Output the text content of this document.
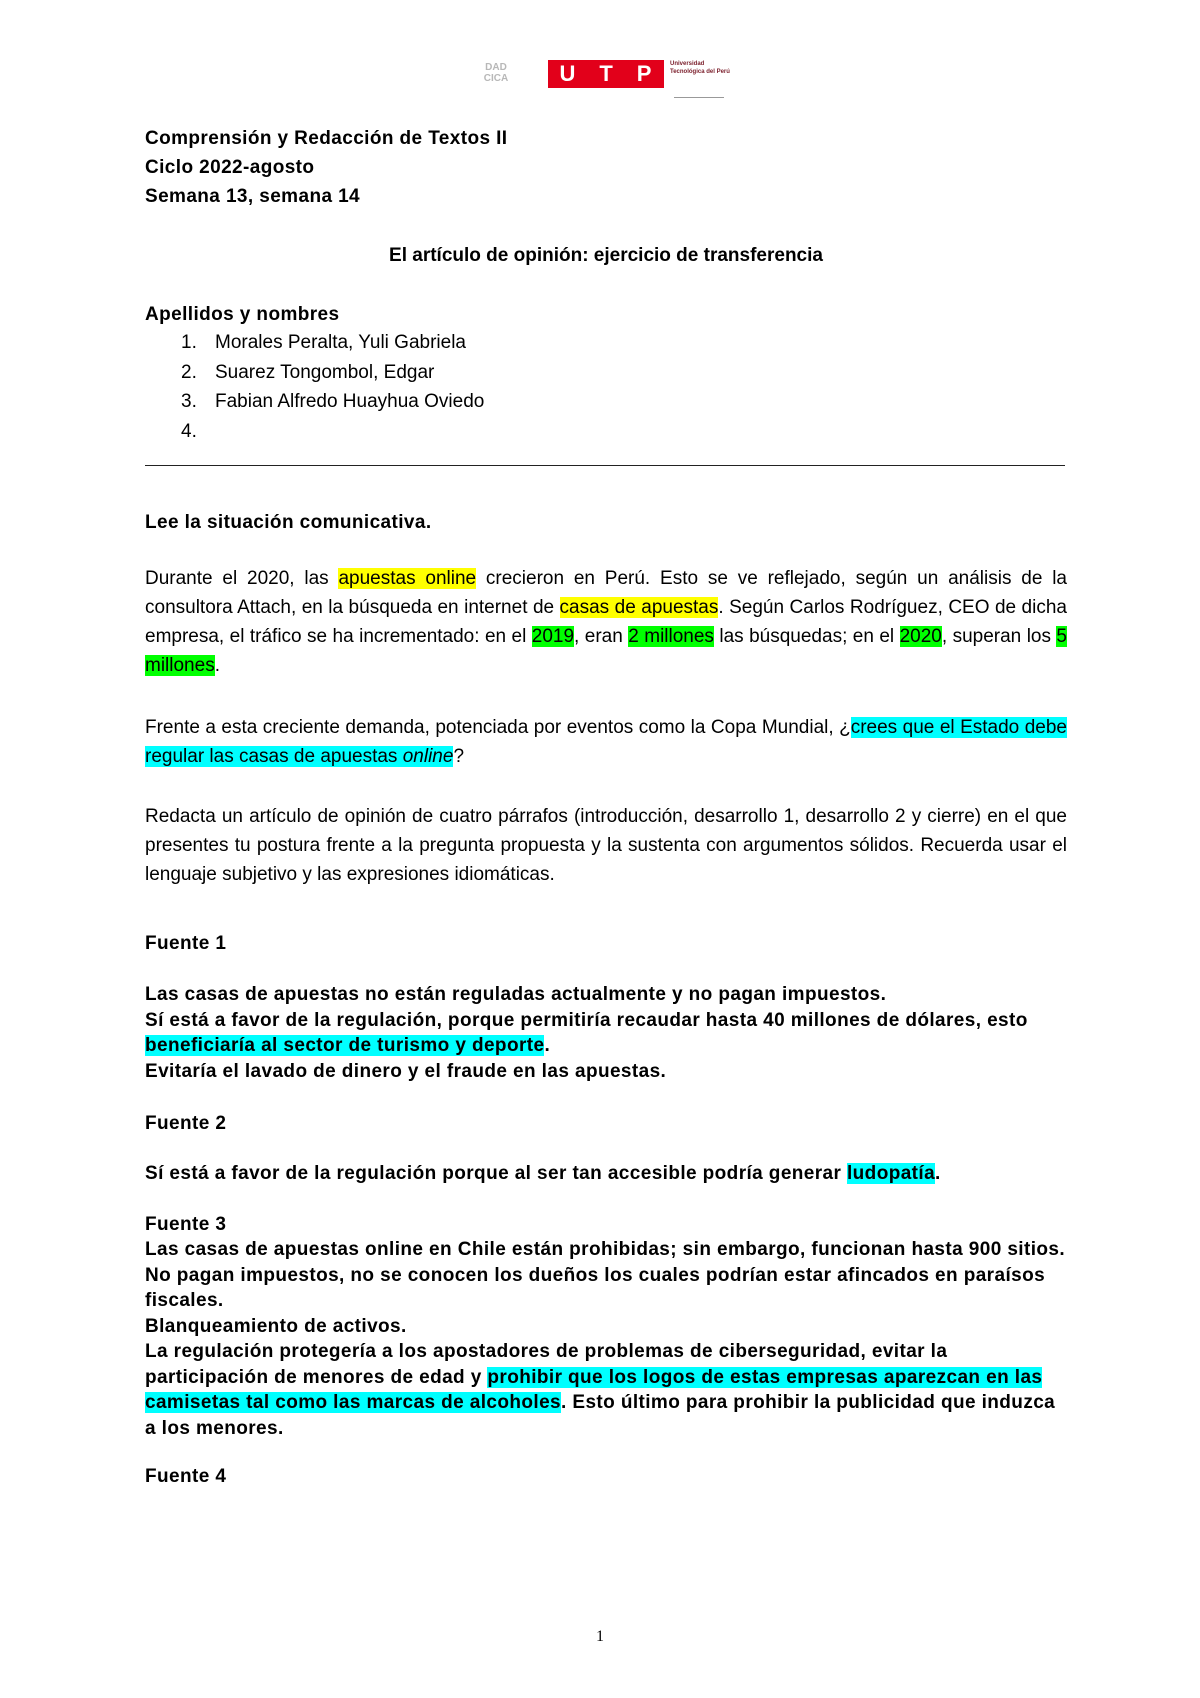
DAD
CICA U T P	Universidad Tecnológica del Perú
Comprensión y Redacción de Textos II
Ciclo 2022-agosto
Semana 13, semana 14
El artículo de opinión: ejercicio de transferencia
Apellidos y nombres
1. Morales Peralta, Yuli Gabriela
2. Suarez Tongombol, Edgar
3. Fabian Alfredo Huayhua Oviedo
4.
Lee la situación comunicativa.
Durante el 2020, las apuestas online crecieron en Perú. Esto se ve reflejado, según un análisis de la consultora Attach, en la búsqueda en internet de casas de apuestas. Según Carlos Rodríguez, CEO de dicha empresa, el tráfico se ha incrementado: en el 2019, eran 2 millones las búsquedas; en el 2020, superan los 5 millones.
Frente a esta creciente demanda, potenciada por eventos como la Copa Mundial, ¿crees que el Estado debe regular las casas de apuestas online?
Redacta un artículo de opinión de cuatro párrafos (introducción, desarrollo 1, desarrollo 2 y cierre) en el que presentes tu postura frente a la pregunta propuesta y la sustenta con argumentos sólidos. Recuerda usar el lenguaje subjetivo y las expresiones idiomáticas.
Fuente 1
Las casas de apuestas no están reguladas actualmente y no pagan impuestos.
Sí está a favor de la regulación, porque permitiría recaudar hasta 40 millones de dólares, esto beneficiaría al sector de turismo y deporte.
Evitaría el lavado de dinero y el fraude en las apuestas.
Fuente 2
Sí está a favor de la regulación porque al ser tan accesible podría generar ludopatía.
Fuente 3
Las casas de apuestas online en Chile están prohibidas; sin embargo, funcionan hasta 900 sitios. No pagan impuestos, no se conocen los dueños los cuales podrían estar afincados en paraísos fiscales.
Blanqueamiento de activos.
La regulación protegería a los apostadores de problemas de ciberseguridad, evitar la participación de menores de edad y prohibir que los logos de estas empresas aparezcan en las camisetas tal como las marcas de alcoholes. Esto último para prohibir la publicidad que induzca a los menores.
Fuente 4
1
